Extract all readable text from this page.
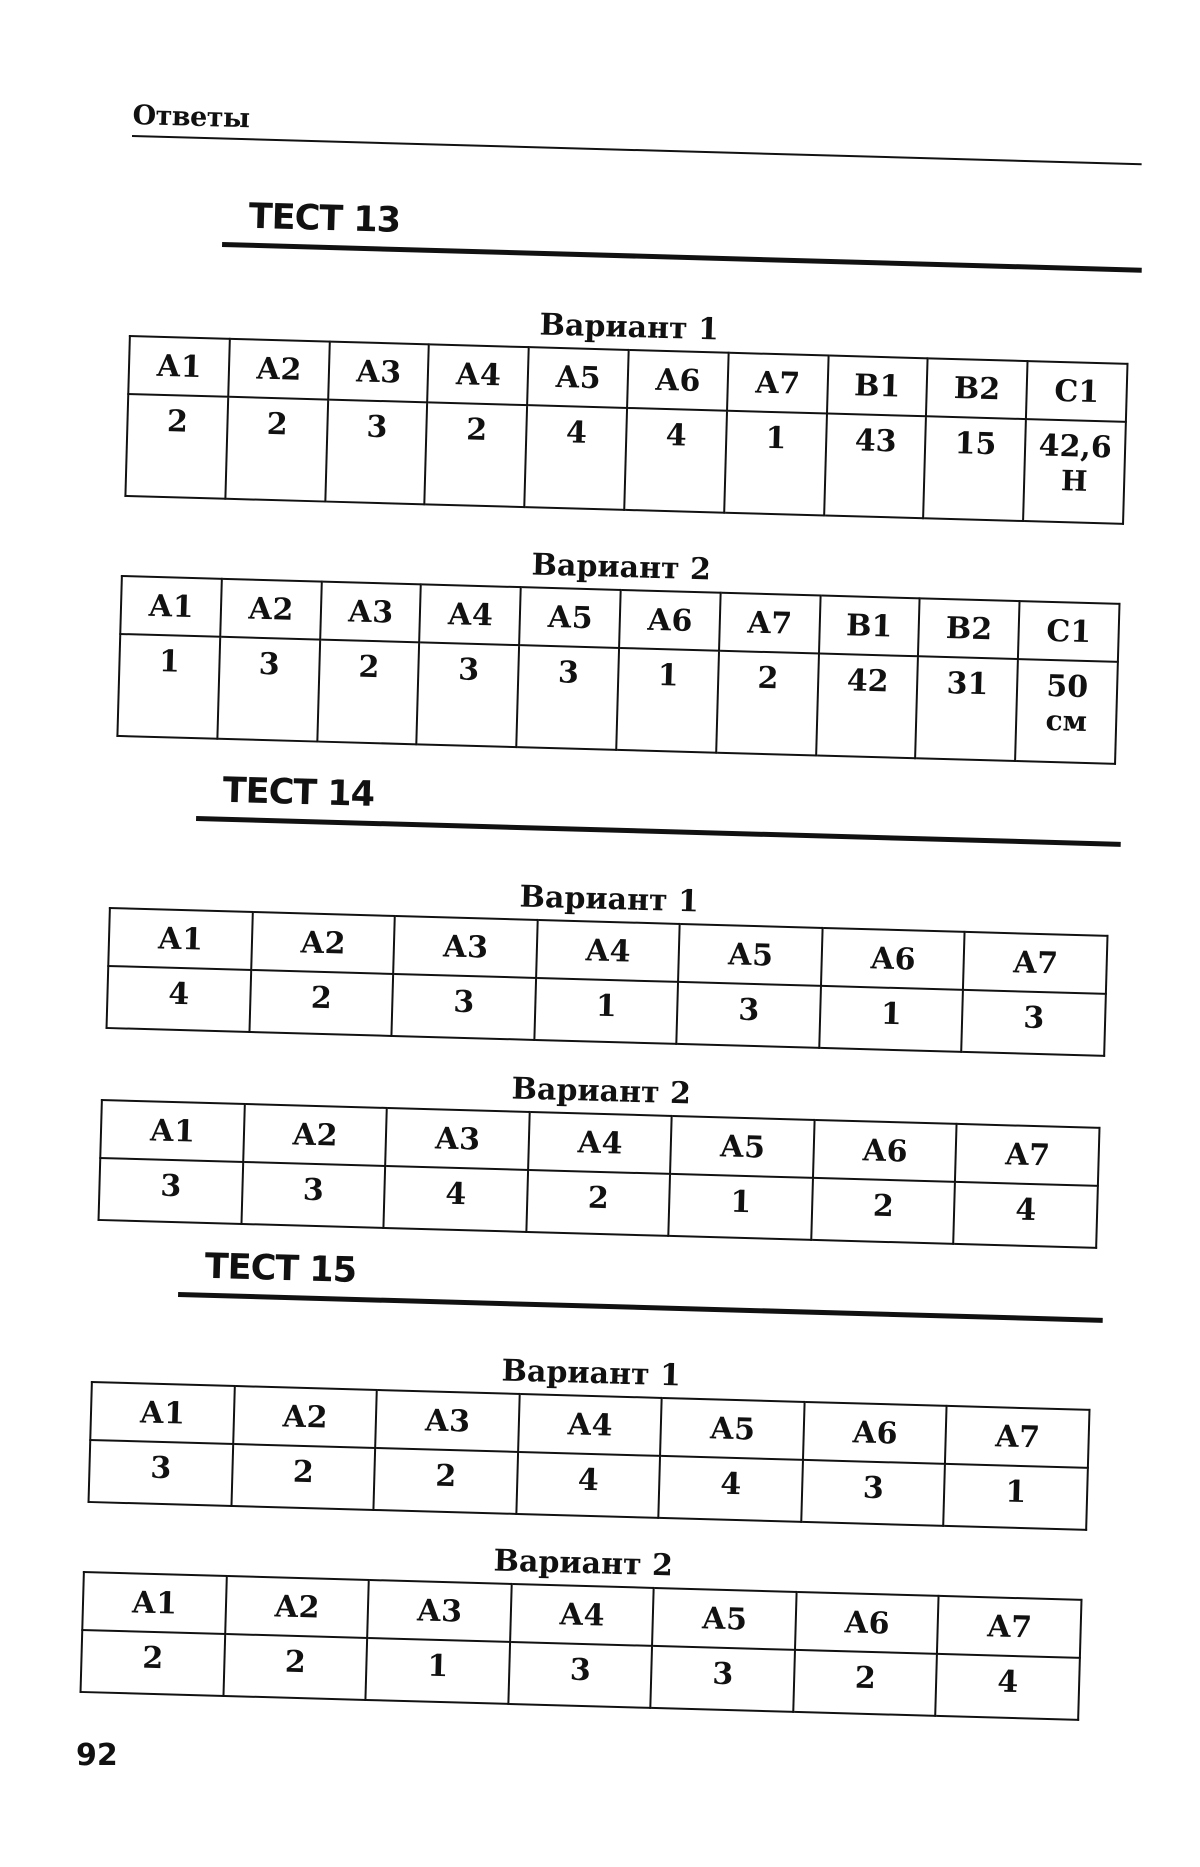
Ответы
ТЕСТ 13
Вариант 1
А1	А2	А3	А4	А5	А6	А7	В1	В2	С1
2	2	3	2	4	4	1	43	15	42,6
Н
Вариант 2
А1	А2	А3	А4	А5	А6	А7	В1	В2	С1
1	3	2	3	3	1	2	42	31	50
см
ТЕСТ 14
Вариант 1
А1	А2	А3	А4	А5	А6	А7
4	2	3	1	3	1	3
Вариант 2
А1	А2	А3	А4	А5	А6	А7
3	3	4	2	1	2	4
ТЕСТ 15
Вариант 1
А1	А2	А3	А4	А5	А6	А7
3	2	2	4	4	3	1
Вариант 2
А1	А2	А3	А4	А5	А6	А7
2	2	1	3	3	2	4
92
